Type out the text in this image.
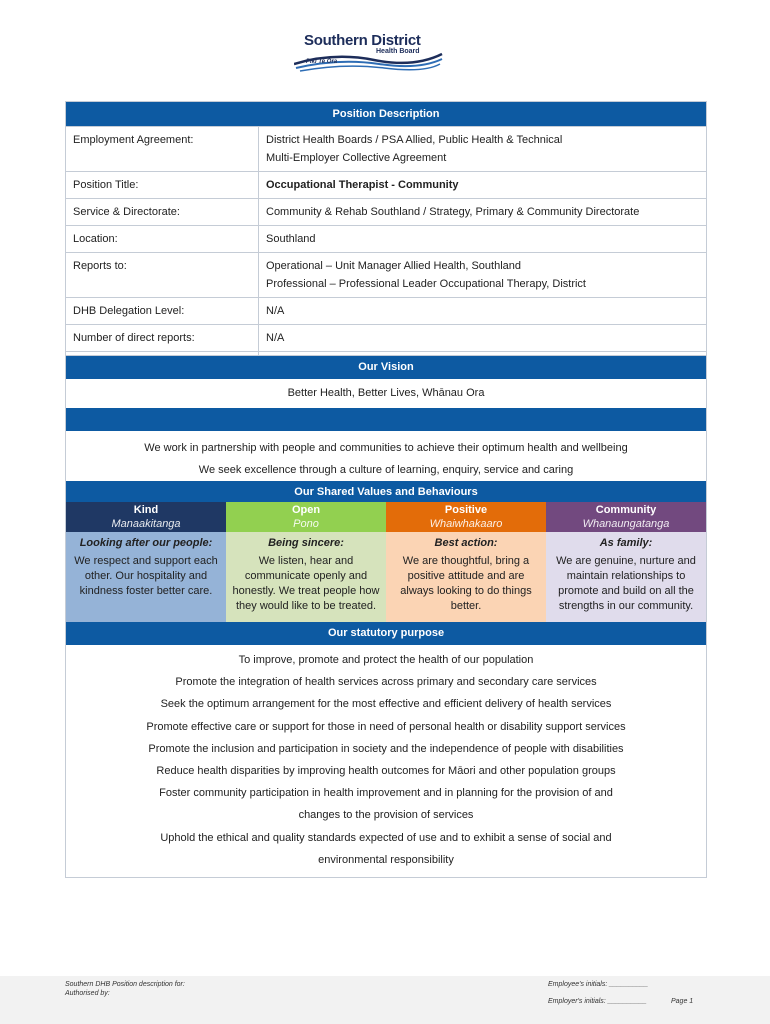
Southern District
Health Board
Piki Te Ora
Position Description	
Employment Agreement:	District Health Boards / PSA Allied, Public Health & Technical
Multi-Employer Collective Agreement

Position Title:	Occupational Therapist - Community
Service & Directorate:	Community & Rehab Southland / Strategy, Primary & Community Directorate
Location:	Southland
Reports to:	Operational – Unit Manager Allied Health, Southland
Professional – Professional Leader Occupational Therapy, District

DHB Delegation Level:	N/A
Number of direct reports:	N/A

Our Vision
Better Health, Better Lives, Whānau Ora
We work in partnership with people and communities to achieve their optimum health and wellbeing
We seek excellence through a culture of learning, enquiry, service and caring
Our Shared Values and Behaviours
Kind
Manaakitanga
Looking after our people:
We respect and support each other. Our hospitality and kindness foster better care.
Open
Pono
Being sincere:
We listen, hear and communicate openly and honestly. We treat people how they would like to be treated.
Positive
Whaiwhakaaro
Best action:
We are thoughtful, bring a positive attitude and are always looking to do things better.
Community
Whanaungatanga
As family:
We are genuine, nurture and maintain relationships to promote and build on all the strengths in our community.
Our statutory purpose
To improve, promote and protect the health of our population
Promote the integration of health services across primary and secondary care services
Seek the optimum arrangement for the most effective and efficient delivery of health services
Promote effective care or support for those in need of personal health or disability support services
Promote the inclusion and participation in society and the independence of people with disabilities
Reduce health disparities by improving health outcomes for Māori and other population groups
Foster community participation in health improvement and in planning for the provision of and
changes to the provision of services
Uphold the ethical and quality standards expected of use and to exhibit a sense of social and
environmental responsibility
Southern DHB Position description for:
Authorised by:
Employee's initials: __________
Employer's initials: __________	Page 1
